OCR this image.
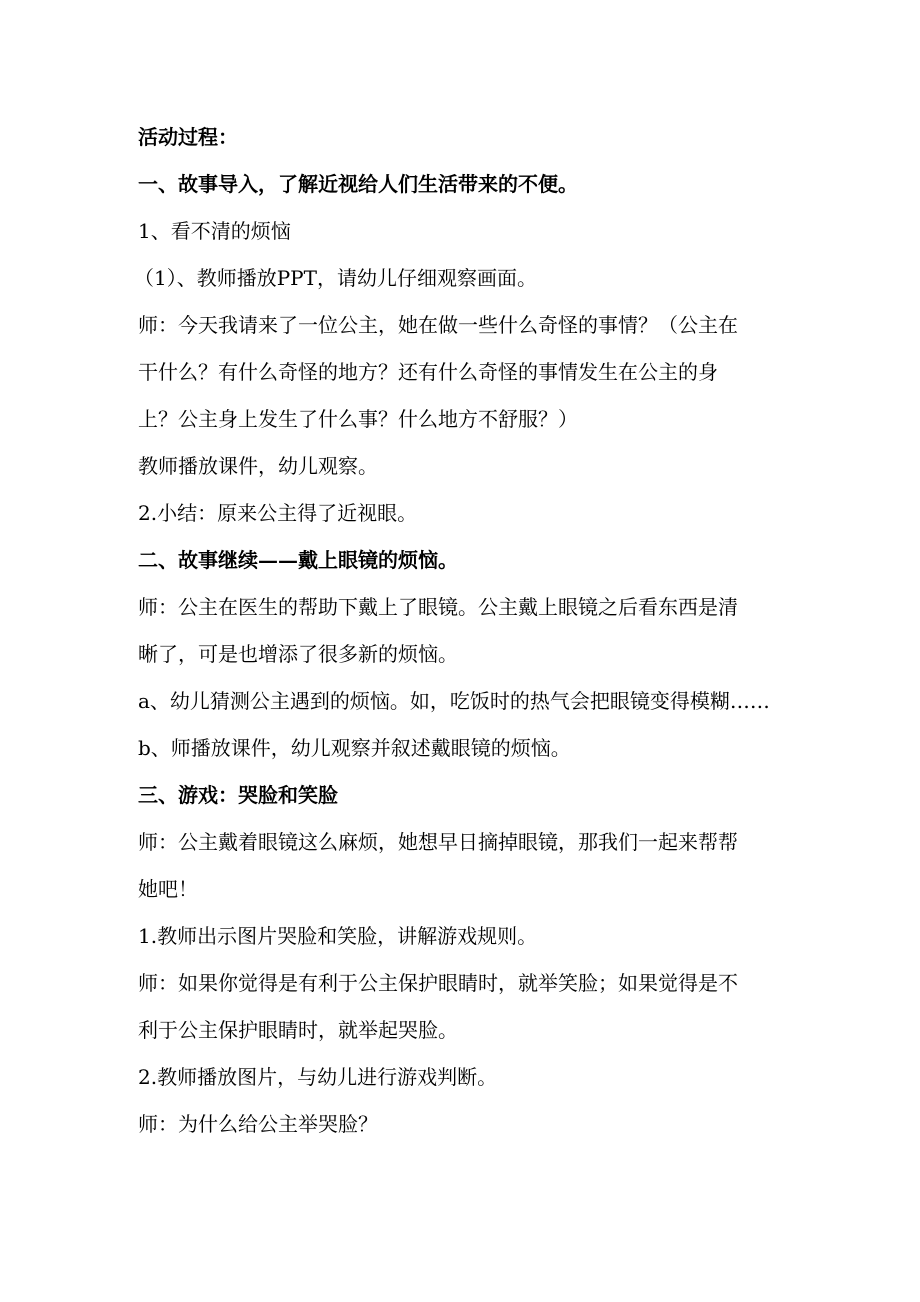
活动过程：
一、故事导入，了解近视给人们生活带来的不便。
1、看不清的烦恼
（1）、教师播放PPT，请幼儿仔细观察画面。
师：今天我请来了一位公主，她在做一些什么奇怪的事情？（公主在
干什么？有什么奇怪的地方？还有什么奇怪的事情发生在公主的身
上？公主身上发生了什么事？什么地方不舒服？）
教师播放课件，幼儿观察。
2.小结：原来公主得了近视眼。
二、故事继续——戴上眼镜的烦恼。
师：公主在医生的帮助下戴上了眼镜。公主戴上眼镜之后看东西是清
晰了，可是也增添了很多新的烦恼。
a、幼儿猜测公主遇到的烦恼。如，吃饭时的热气会把眼镜变得模糊……
b、师播放课件，幼儿观察并叙述戴眼镜的烦恼。
三、游戏：哭脸和笑脸
师：公主戴着眼镜这么麻烦，她想早日摘掉眼镜，那我们一起来帮帮
她吧！
1.教师出示图片哭脸和笑脸，讲解游戏规则。
师：如果你觉得是有利于公主保护眼睛时，就举笑脸；如果觉得是不
利于公主保护眼睛时，就举起哭脸。
2.教师播放图片，与幼儿进行游戏判断。
师：为什么给公主举哭脸？
